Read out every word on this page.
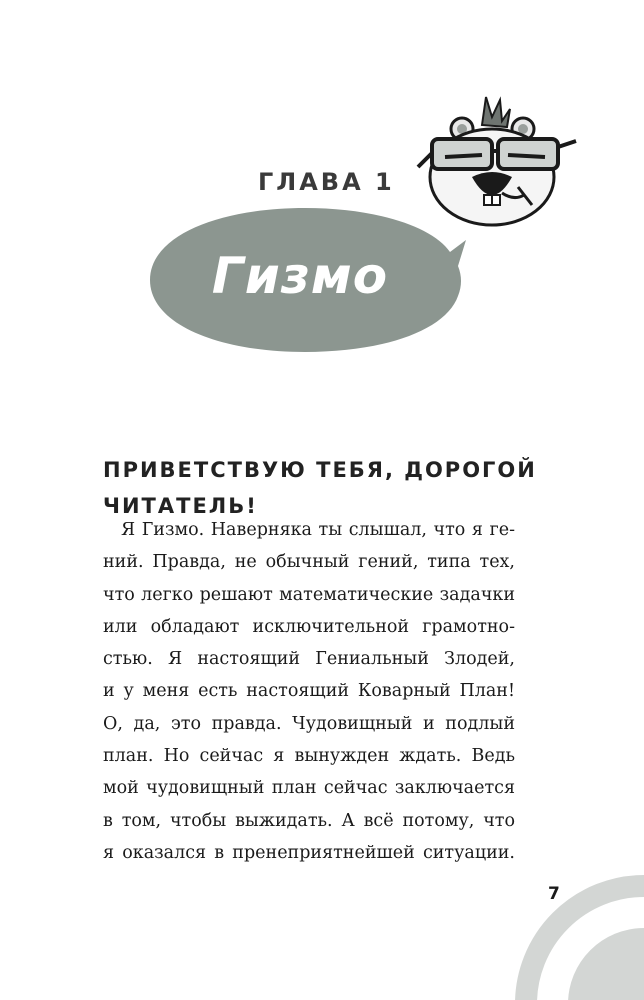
ГЛАВА 1
Гизмо
ПРИВЕТСТВУЮ ТЕБЯ, ДОРОГОЙ
ЧИТАТЕЛЬ!
Я Гизмо. Наверняка ты слышал, что я ге-
ний. Правда, не обычный гений, типа тех,
что легко решают математические задачки
или обладают исключительной грамотно-
стью. Я настоящий Гениальный Злодей,
и у меня есть настоящий Коварный План!
О, да, это правда. Чудовищный и подлый
план. Но сейчас я вынужден ждать. Ведь
мой чудовищный план сейчас заключается
в том, чтобы выжидать. А всё потому, что
я оказался в пренеприятнейшей ситуации.
7
